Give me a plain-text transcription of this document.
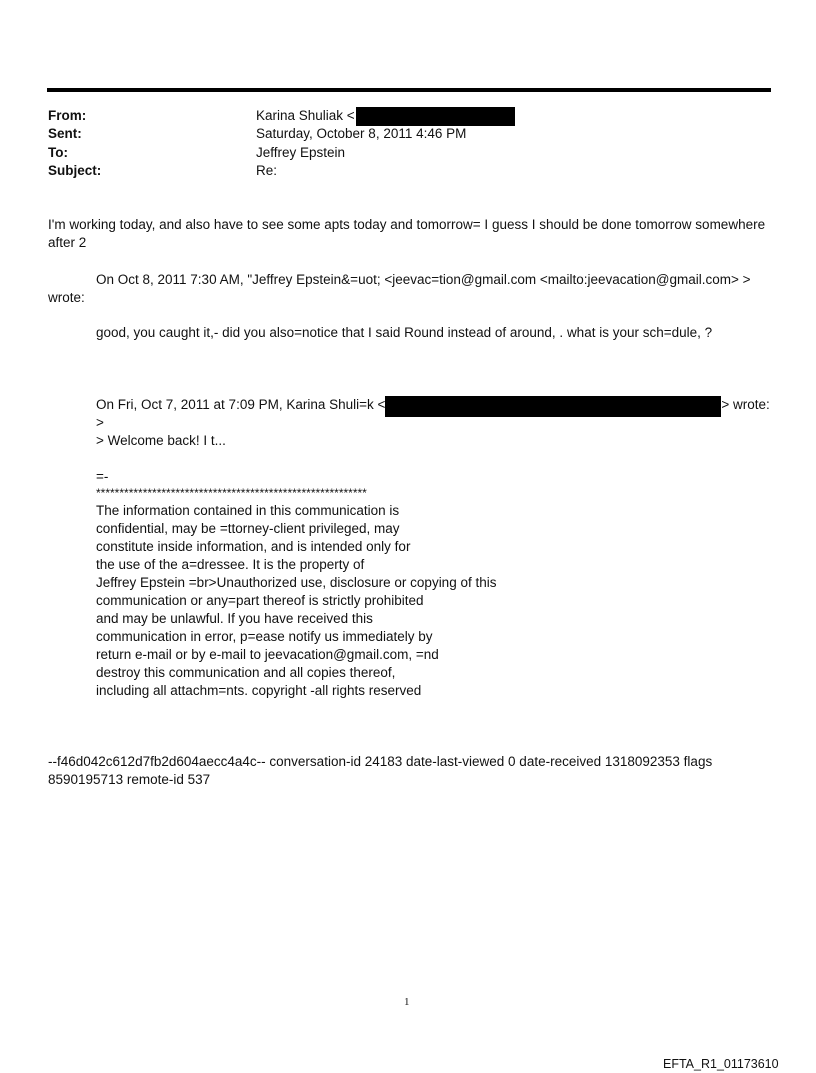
From:	Karina Shuliak <
Sent:	Saturday, October 8, 2011 4:46 PM
To:	Jeffrey Epstein
Subject:	Re:
I'm working today, and also have to see some apts today and tomorrow= I guess I should be done tomorrow somewhere
after 2
On Oct 8, 2011 7:30 AM, "Jeffrey Epstein&=uot; <jeevac=tion@gmail.com <mailto:jeevacation@gmail.com> >
wrote:
good, you caught it,- did you also=notice that I said Round instead of around, . what is your sch=dule, ?
On Fri, Oct 7, 2011 at 7:09 PM, Karina Shuli=k <	> wrote:
>
> Welcome back! I t...
=-
**********************************************************
The information contained in this communication is
confidential, may be =ttorney-client privileged, may
constitute inside information, and is intended only for
the use of the a=dressee. It is the property of
Jeffrey Epstein =br>Unauthorized use, disclosure or copying of this
communication or any=part thereof is strictly prohibited
and may be unlawful. If you have received this
communication in error, p=ease notify us immediately by
return e-mail or by e-mail to jeevacation@gmail.com, =nd
destroy this communication and all copies thereof,
including all attachm=nts. copyright -all rights reserved
--f46d042c612d7fb2d604aecc4a4c-- conversation-id 24183 date-last-viewed 0 date-received 1318092353 flags
8590195713 remote-id 537
1
EFTA_R1_01173610
